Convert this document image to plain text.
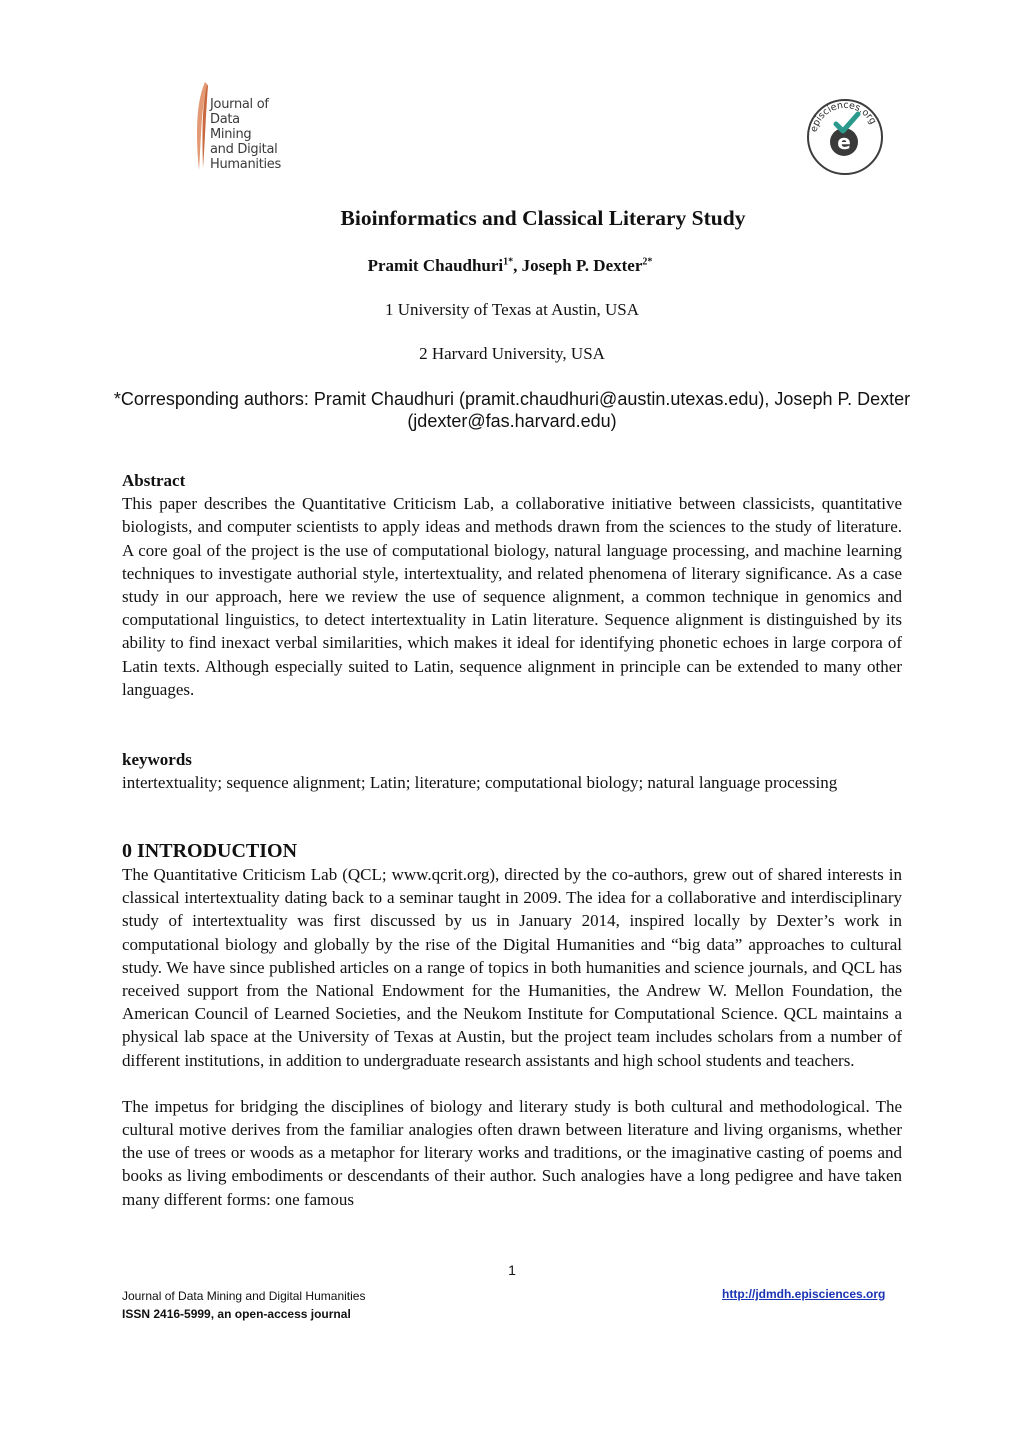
Journal of
Data Mining
and Digital
Humanities
episciences.org
e
Bioinformatics and Classical Literary Study
Pramit Chaudhuri$^{1*}$, Joseph P. Dexter$^{2*}$
1 University of Texas at Austin, USA
2 Harvard University, USA
*Corresponding authors: Pramit Chaudhuri (pramit.chaudhuri@austin.utexas.edu), Joseph P. Dexter (jdexter@fas.harvard.edu)

Abstract

This paper describes the Quantitative Criticism Lab, a collaborative initiative between classicists, quantitative biologists, and computer scientists to apply ideas and methods drawn from the sciences to the study of literature. A core goal of the project is the use of computational biology, natural language processing, and machine learning techniques to investigate authorial style, intertextuality, and related phenomena of literary significance. As a case study in our approach, here we review the use of sequence alignment, a common technique in genomics and computational linguistics, to detect intertextuality in Latin literature. Sequence alignment is distinguished by its ability to find inexact verbal similarities, which makes it ideal for identifying phonetic echoes in large corpora of Latin texts. Although especially suited to Latin, sequence alignment in principle can be extended to many other languages.

keywords

intertextuality; sequence alignment; Latin; literature; computational biology; natural language processing

0 INTRODUCTION

The Quantitative Criticism Lab (QCL; www.qcrit.org), directed by the co-authors, grew out of shared interests in classical intertextuality dating back to a seminar taught in 2009. The idea for a collaborative and interdisciplinary study of intertextuality was first discussed by us in January 2014, inspired locally by Dexter’s work in computational biology and globally by the rise of the Digital Humanities and “big data” approaches to cultural study. We have since published articles on a range of topics in both humanities and science journals, and QCL has received support from the National Endowment for the Humanities, the Andrew W. Mellon Foundation, the American Council of Learned Societies, and the Neukom Institute for Computational Science. QCL maintains a physical lab space at the University of Texas at Austin, but the project team includes scholars from a number of different institutions, in addition to undergraduate research assistants and high school students and teachers.

The impetus for bridging the disciplines of biology and literary study is both cultural and methodological. The cultural motive derives from the familiar analogies often drawn between literature and living organisms, whether the use of trees or woods as a metaphor for literary works and traditions, or the imaginative casting of poems and books as living embodiments or descendants of their author. Such analogies have a long pedigree and have taken many different forms: one famous

1
Journal of Data Mining and Digital Humanities
ISSN 2416-5999, an open-access journal
http://jdmdh.episciences.org
